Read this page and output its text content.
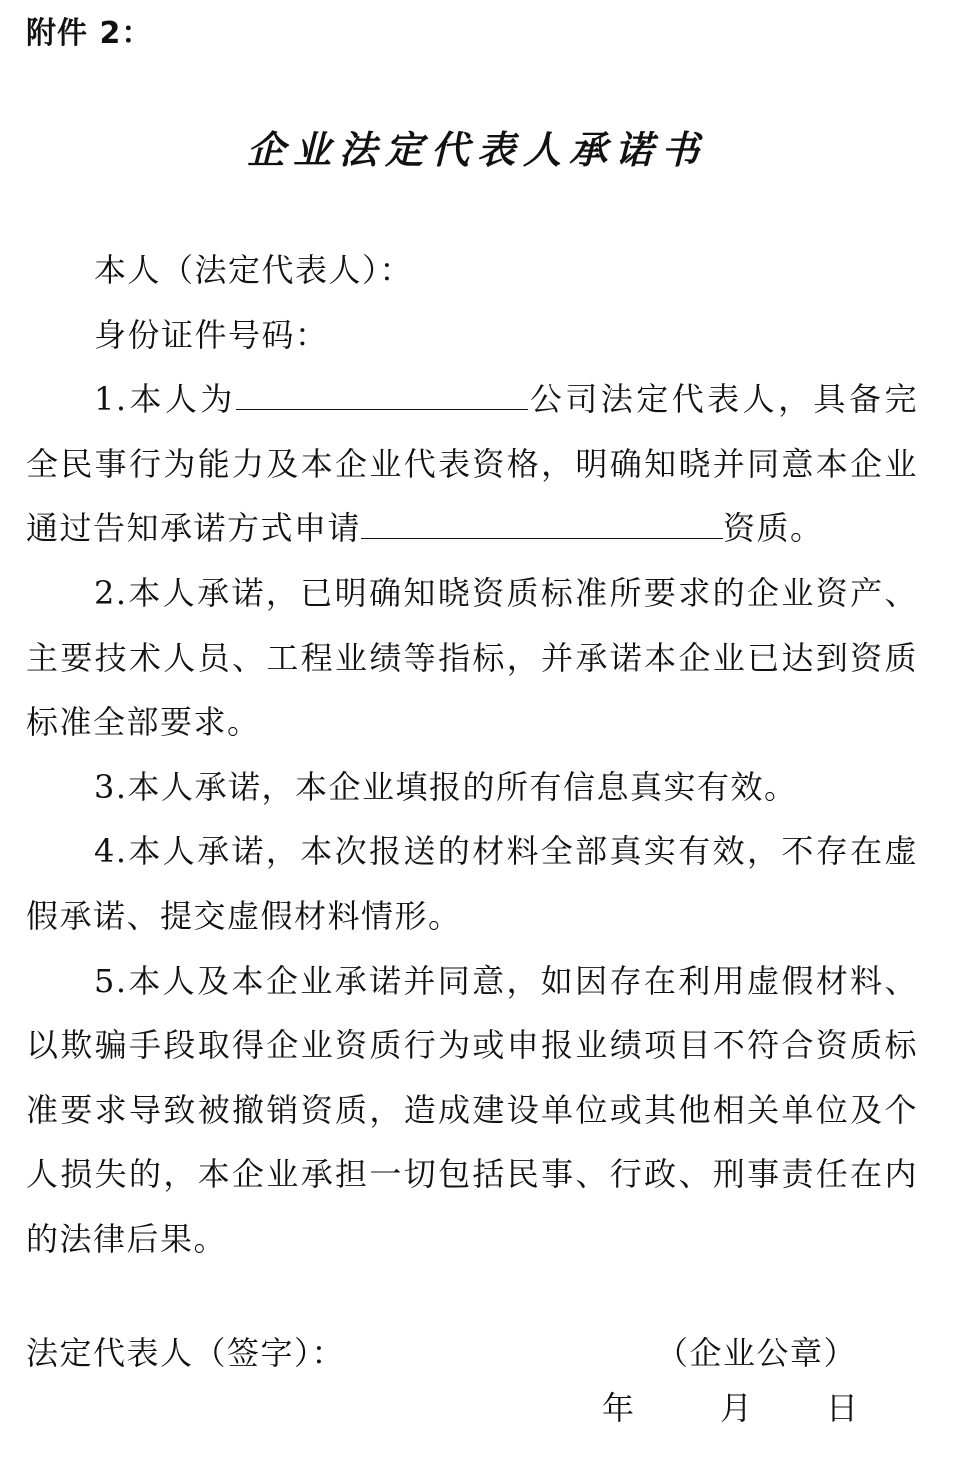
附件 2：
企业法定代表人承诺书

本人（法定代表人）：

身份证件号码：

1.本人为	公司法定代表人，具备完全民事行为能力及本企业代表资格，明确知晓并同意本企业通过告知承诺方式申请	资质。

2.本人承诺，已明确知晓资质标准所要求的企业资产、主要技术人员、工程业绩等指标，并承诺本企业已达到资质标准全部要求。

3.本人承诺，本企业填报的所有信息真实有效。

4.本人承诺，本次报送的材料全部真实有效，不存在虚假承诺、提交虚假材料情形。

5.本人及本企业承诺并同意，如因存在利用虚假材料、以欺骗手段取得企业资质行为或申报业绩项目不符合资质标准要求导致被撤销资质，造成建设单位或其他相关单位及个人损失的，本企业承担一切包括民事、行政、刑事责任在内的法律后果。

法定代表人（签字）：	（企业公章）
年	月 日
